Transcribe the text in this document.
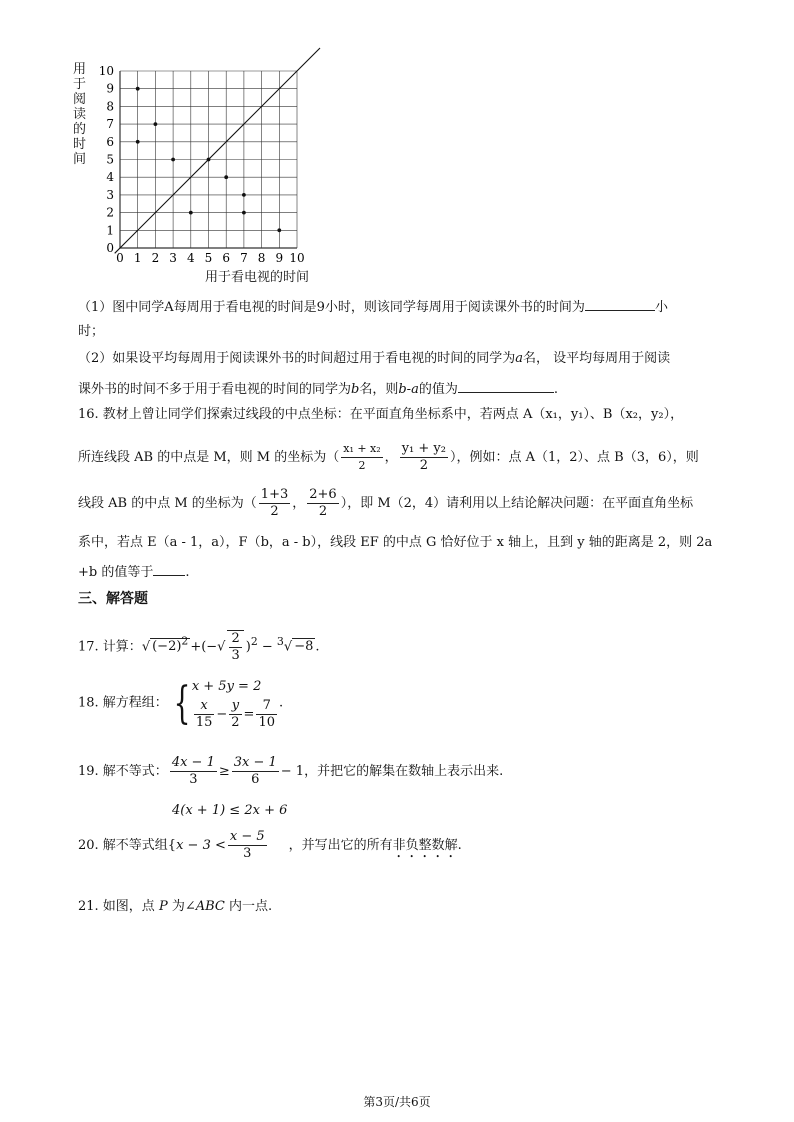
0 1 2 3 4 5 6 7 8 9 10
0
1
2
3
4
5
6
7
8
9
10
用于阅读的时间
用于看电视的时间
（1）图中同学A每周用于看电视的时间是9小时，则该同学每周用于阅读课外书的时间为	小
时；
（2）如果设平均每周用于阅读课外书的时间超过用于看电视的时间的同学为a名， 设平均每周用于阅读
课外书的时间不多于用于看电视的时间的同学为b名，则b-a的值为	.
16. 教材上曾让同学们探索过线段的中点坐标：在平面直角坐标系中，若两点 A（x₁，y₁）、B（x₂，y₂），
所连线段 AB 的中点是 M，则 M 的坐标为（ $\frac{\text{x₁ + x₂}}{2}$ ， $\frac{\text{y₁ + y₂}}{2}$ ），例如：点 A（1，2）、点 B（3，6），则
线段 AB 的中点 M 的坐标为（ $\frac{1+3}{2}$ ， $\frac{2+6}{2}$ ），即 M（2，4）请利用以上结论解决问题：在平面直角坐标
系中，若点 E（a - 1，a），F（b，a - b），线段 EF 的中点 G 恰好位于 x 轴上，且到 y 轴的距离是 2，则 2a
+b 的值等于 .
三、解答题
17. 计算：√ $(-2)^2$ +(−√ $\frac{2}{3} )^2 - ^3√ -8$ .
18. 解方程组： { x + 5y = 2
$\frac{x}{15} - \frac{y}{2} = \frac{7}{10}$ .
19. 解不等式： $\frac{4x - 1}{3} \ge \frac{3x - 1}{6} - 1$，并把它的解集在数轴上表示出来.
4(x + 1) ≤ 2x + 6
20. 解不等式组{$x - 3 < \frac{x - 5}{3}$ ，并写出它的所有非负整数解.
21. 如图，点 P 为∠ABC 内一点.
第3页/共6页
